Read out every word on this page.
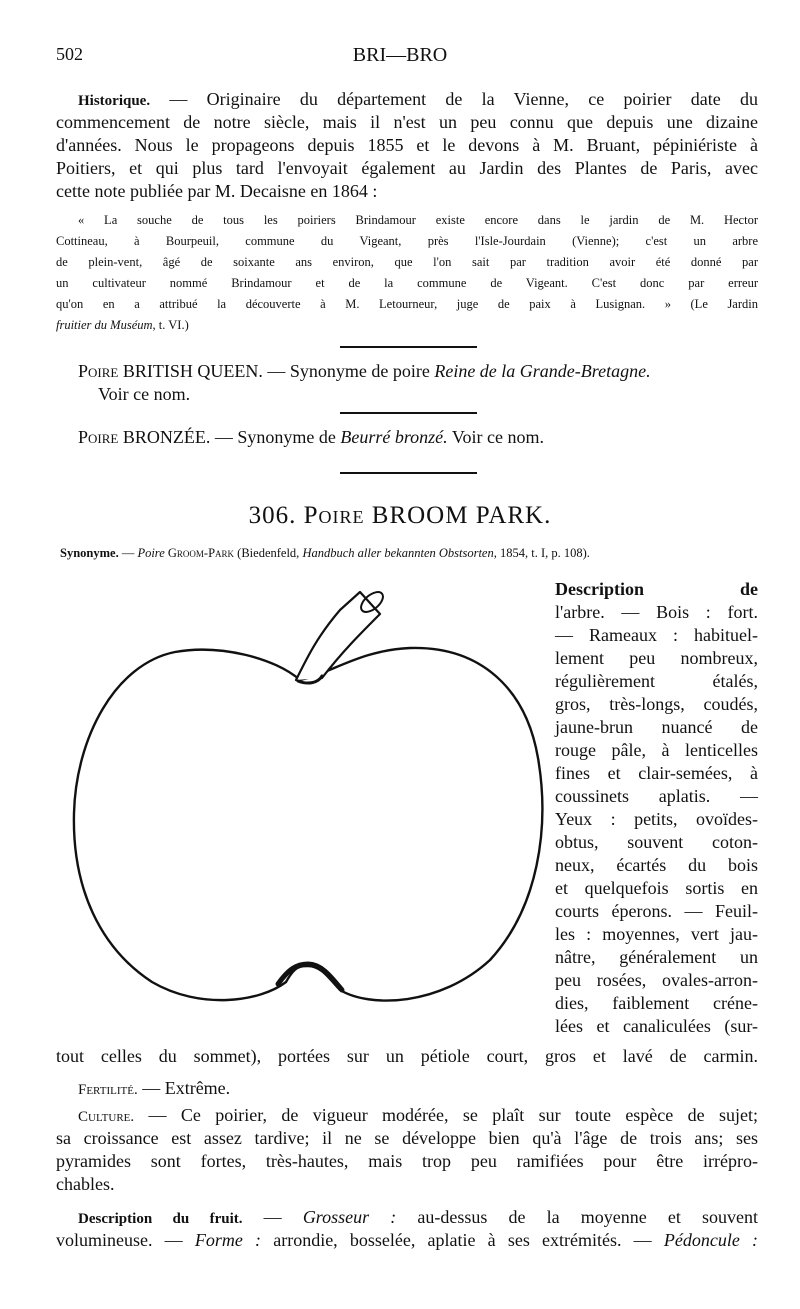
502	BRI—BRO
Historique. — Originaire du département de la Vienne, ce poirier date du
commencement de notre siècle, mais il n'est un peu connu que depuis une dizaine
d'années. Nous le propageons depuis 1855 et le devons à M. Bruant, pépiniériste à
Poitiers, et qui plus tard l'envoyait également au Jardin des Plantes de Paris, avec
cette note publiée par M. Decaisne en 1864 :
« La souche de tous les poiriers Brindamour existe encore dans le jardin de M. Hector
Cottineau, à Bourpeuil, commune du Vigeant, près l'Isle-Jourdain (Vienne); c'est un arbre
de plein-vent, âgé de soixante ans environ, que l'on sait par tradition avoir été donné par
un cultivateur nommé Brindamour et de la commune de Vigeant. C'est donc par erreur
qu'on en a attribué la découverte à M. Letourneur, juge de paix à Lusignan. » (Le Jardin
fruitier du Muséum, t. VI.)
Poire BRITISH QUEEN. — Synonyme de poire Reine de la Grande-Bretagne.
Voir ce nom.
Poire BRONZÉE. — Synonyme de Beurré bronzé. Voir ce nom.
306. Poire BROOM PARK.
Synonyme. — Poire Groom-Park (Biedenfeld, Handbuch aller bekannten Obstsorten, 1854, t. I, p. 108).
Description de
l'arbre. — Bois : fort.
— Rameaux : habituel-
lement peu nombreux,
régulièrement étalés,
gros, très-longs, coudés,
jaune-brun nuancé de
rouge pâle, à lenticelles
fines et clair-semées, à
coussinets aplatis. —
Yeux : petits, ovoïdes-
obtus, souvent coton-
neux, écartés du bois
et quelquefois sortis en
courts éperons. — Feuil-
les : moyennes, vert jau-
nâtre, généralement un
peu rosées, ovales-arron-
dies, faiblement créne-
lées et canaliculées (sur-
tout celles du sommet), portées sur un pétiole court, gros et lavé de carmin.
Fertilité. — Extrême.
Culture. — Ce poirier, de vigueur modérée, se plaît sur toute espèce de sujet;
sa croissance est assez tardive; il ne se développe bien qu'à l'âge de trois ans; ses
pyramides sont fortes, très-hautes, mais trop peu ramifiées pour être irrépro-
chables.
Description du fruit. — Grosseur : au-dessus de la moyenne et souvent
volumineuse. — Forme : arrondie, bosselée, aplatie à ses extrémités. — Pédoncule :
